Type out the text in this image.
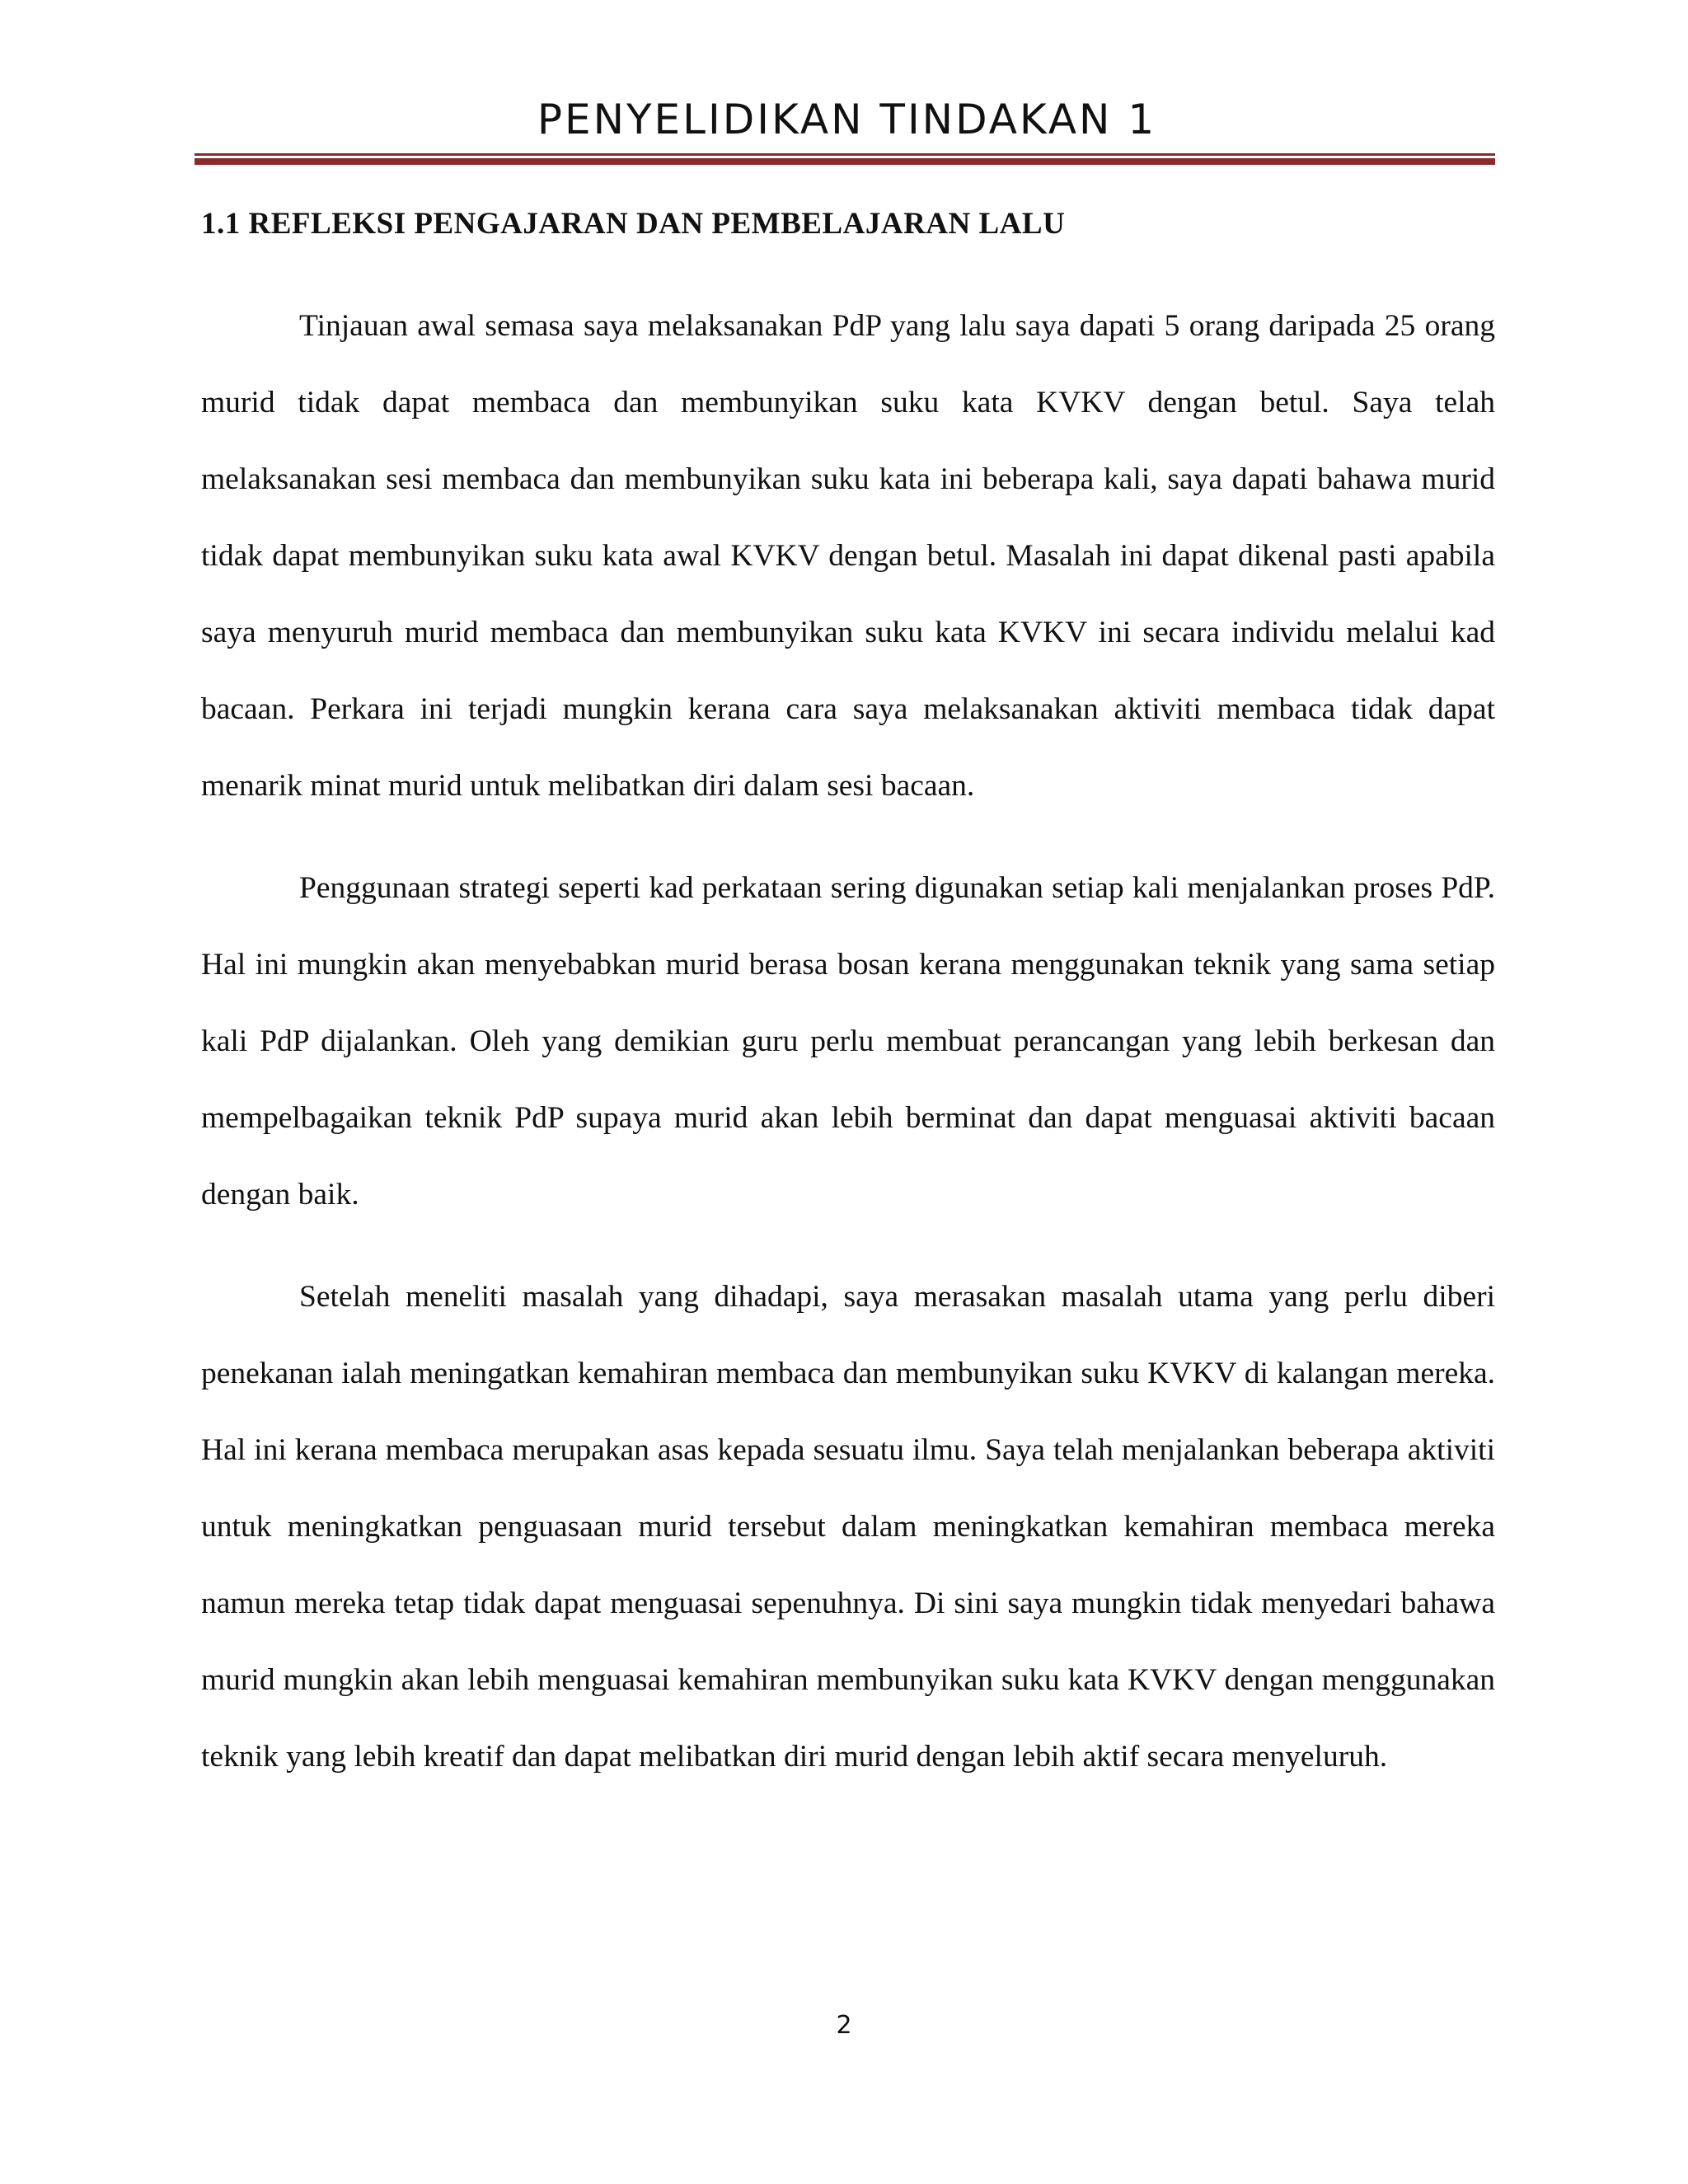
PENYELIDIKAN TINDAKAN 1
1.1 REFLEKSI PENGAJARAN DAN PEMBELAJARAN LALU

Tinjauan awal semasa saya melaksanakan PdP yang lalu saya dapati 5 orang daripada 25 orang murid tidak dapat membaca dan membunyikan suku kata KVKV dengan betul. Saya telah melaksanakan sesi membaca dan membunyikan suku kata ini beberapa kali, saya dapati bahawa murid tidak dapat membunyikan suku kata awal KVKV dengan betul. Masalah ini dapat dikenal pasti apabila saya menyuruh murid membaca dan membunyikan suku kata KVKV ini secara individu melalui kad bacaan. Perkara ini terjadi mungkin kerana cara saya melaksanakan aktiviti membaca tidak dapat menarik minat murid untuk melibatkan diri dalam sesi bacaan.

Penggunaan strategi seperti kad perkataan sering digunakan setiap kali menjalankan proses PdP. Hal ini mungkin akan menyebabkan murid berasa bosan kerana menggunakan teknik yang sama setiap kali PdP dijalankan. Oleh yang demikian guru perlu membuat perancangan yang lebih berkesan dan mempelbagaikan teknik PdP supaya murid akan lebih berminat dan dapat menguasai aktiviti bacaan dengan baik.

Setelah meneliti masalah yang dihadapi, saya merasakan masalah utama yang perlu diberi penekanan ialah meningatkan kemahiran membaca dan membunyikan suku KVKV di kalangan mereka. Hal ini kerana membaca merupakan asas kepada sesuatu ilmu. Saya telah menjalankan beberapa aktiviti untuk meningkatkan penguasaan murid tersebut dalam meningkatkan kemahiran membaca mereka namun mereka tetap tidak dapat menguasai sepenuhnya. Di sini saya mungkin tidak menyedari bahawa murid mungkin akan lebih menguasai kemahiran membunyikan suku kata KVKV dengan menggunakan teknik yang lebih kreatif dan dapat melibatkan diri murid dengan lebih aktif secara menyeluruh.

2
